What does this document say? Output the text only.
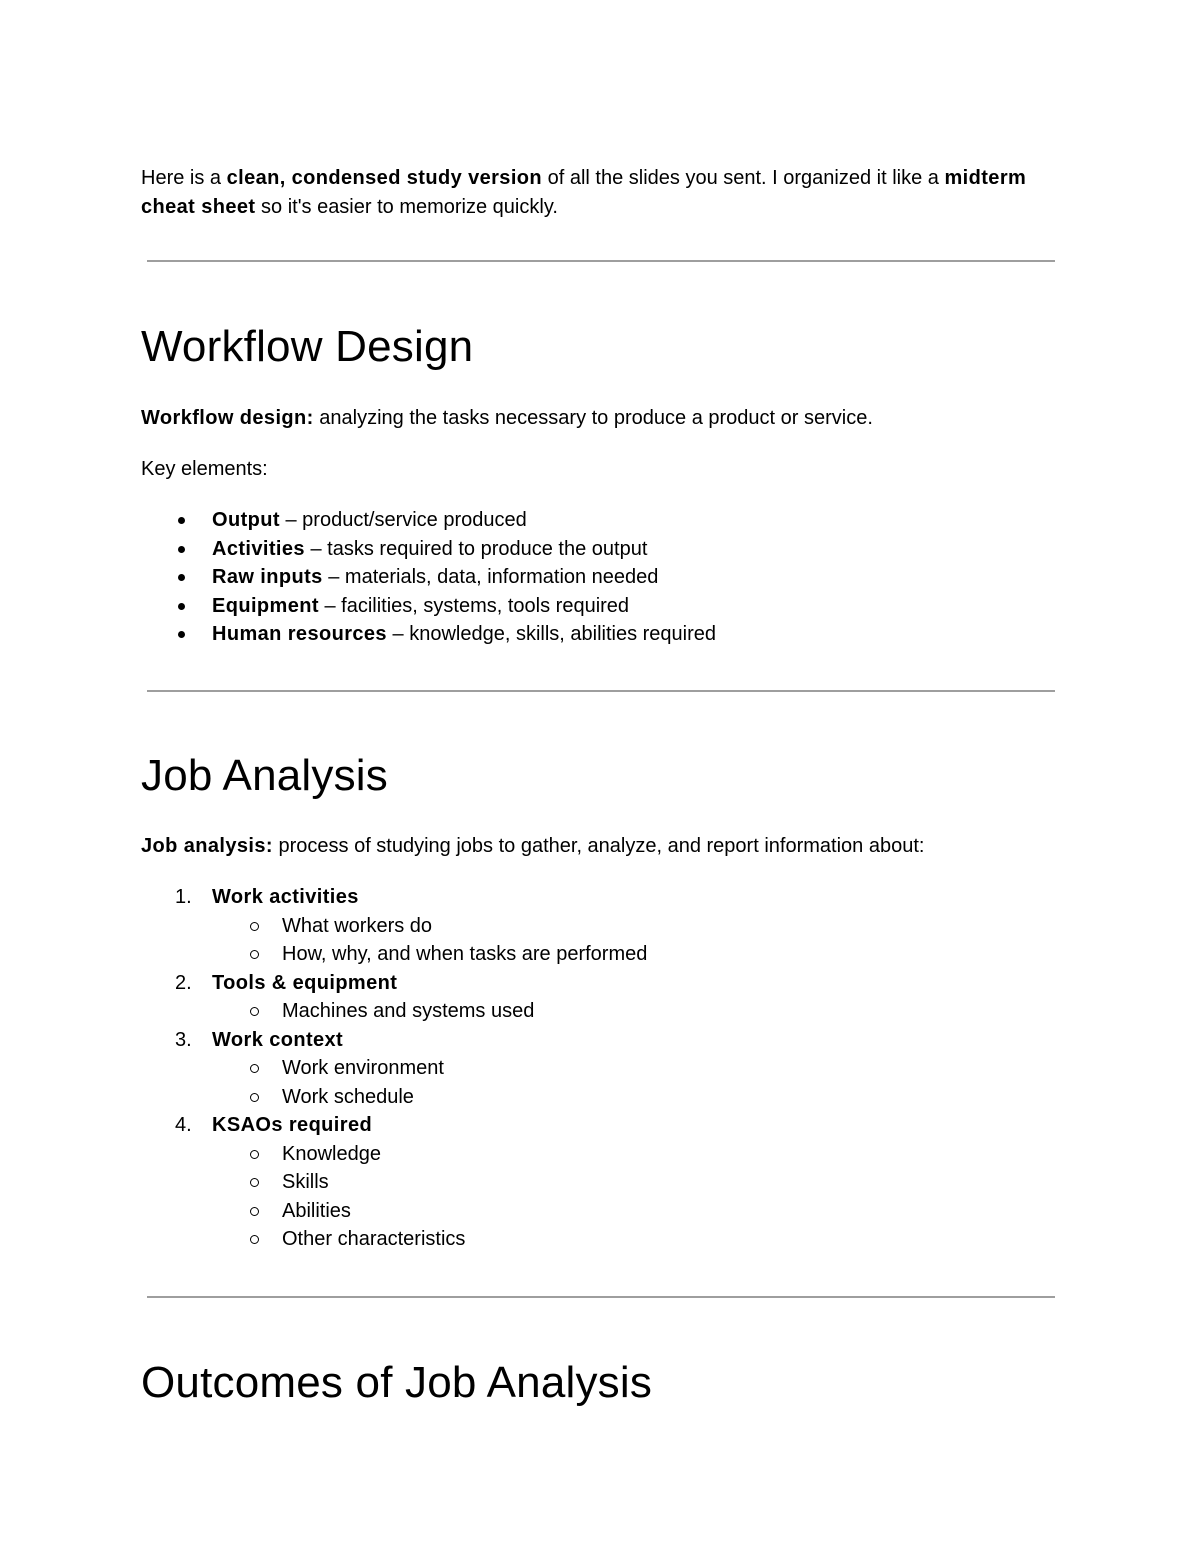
Here is a clean, condensed study version of all the slides you sent. I organized it like a midterm cheat sheet so it's easier to memorize quickly.

Workflow Design

Workflow design: analyzing the tasks necessary to produce a product or service.

Key elements:

Output – product/service produced
Activities – tasks required to produce the output
Raw inputs – materials, data, information needed
Equipment – facilities, systems, tools required
Human resources – knowledge, skills, abilities required
Job Analysis

Job analysis: process of studying jobs to gather, analyze, and report information about:

1. Work activities
What workers do
How, why, and when tasks are performed
2. Tools & equipment
Machines and systems used
3. Work context
Work environment
Work schedule
4. KSAOs required
Knowledge
Skills
Abilities
Other characteristics
Outcomes of Job Analysis
